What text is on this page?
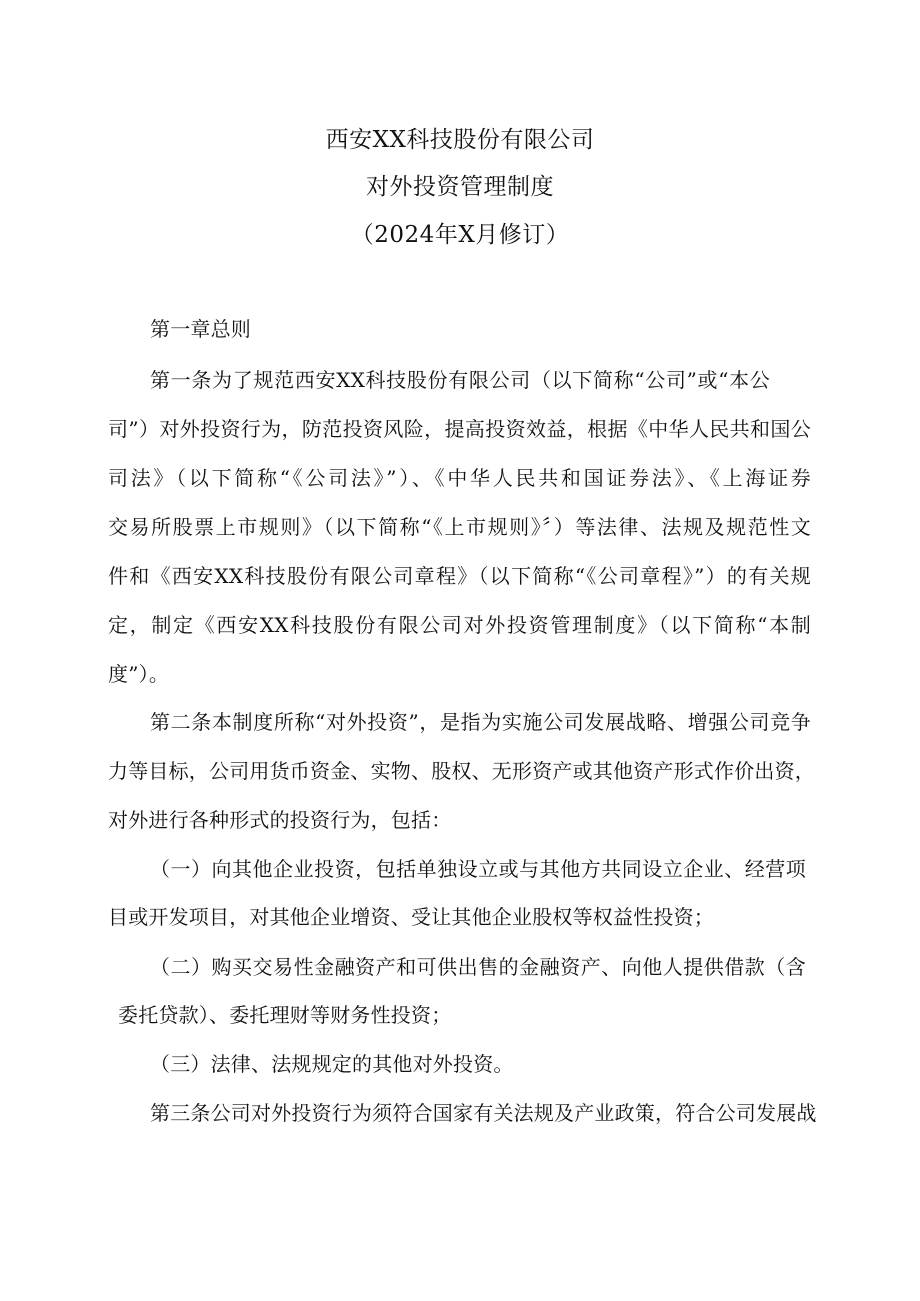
西安XX科技股份有限公司
对外投资管理制度
（2024年X月修订）
第一章总则
第一条为了规范西安XX科技股份有限公司（以下简称“公司”或“本公
司”）对外投资行为，防范投资风险，提高投资效益，根据《中华人民共和国公
司法》（以下简称“《公司法》”）、《中华人民共和国证券法》、《上海证券
交易所股票上市规则》（以下简称“《上市规则》〞）等法律、法规及规范性文
件和《西安XX科技股份有限公司章程》（以下简称“《公司章程》”）的有关规
定，制定《西安XX科技股份有限公司对外投资管理制度》（以下简称“本制
度”）。
第二条本制度所称“对外投资”，是指为实施公司发展战略、增强公司竞争
力等目标，公司用货币资金、实物、股权、无形资产或其他资产形式作价出资，
对外进行各种形式的投资行为，包括：
（一）向其他企业投资，包括单独设立或与其他方共同设立企业、经营项
目或开发项目，对其他企业增资、受让其他企业股权等权益性投资；
（二）购买交易性金融资产和可供出售的金融资产、向他人提供借款（含
委托贷款）、委托理财等财务性投资；
（三）法律、法规规定的其他对外投资。
第三条公司对外投资行为须符合国家有关法规及产业政策，符合公司发展战
